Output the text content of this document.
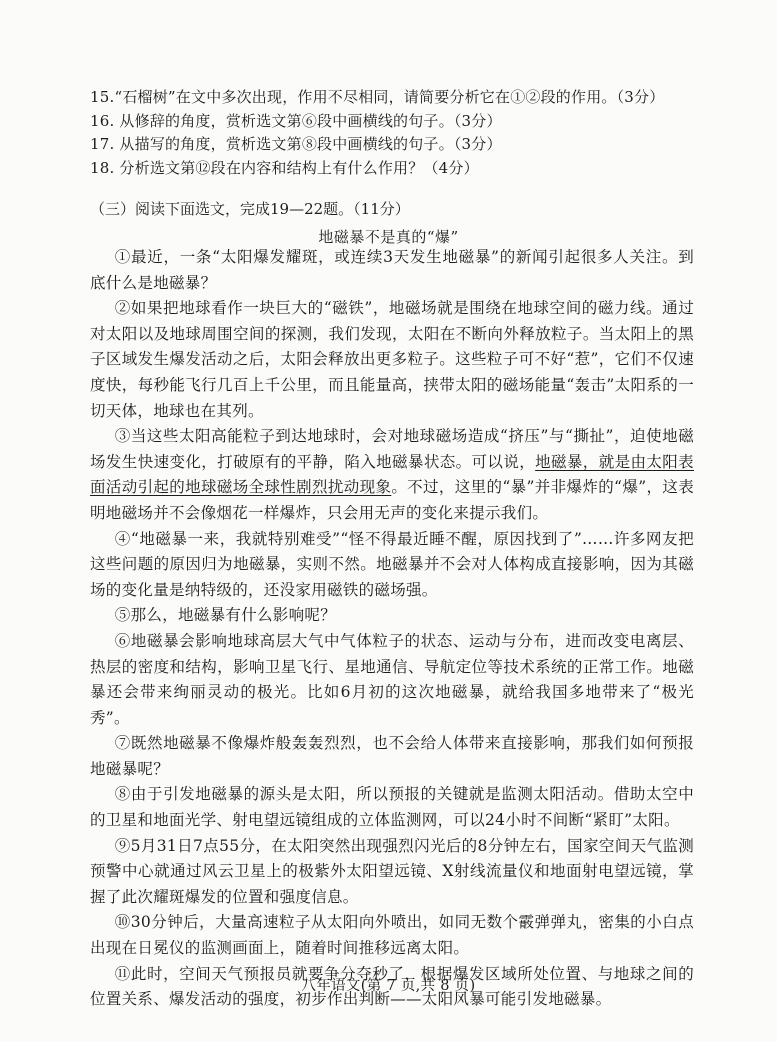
15.“石榴树”在文中多次出现，作用不尽相同，请简要分析它在①②段的作用。（3分）
16. 从修辞的角度，赏析选文第⑥段中画横线的句子。（3分）
17. 从描写的角度，赏析选文第⑧段中画横线的句子。（3分）
18. 分析选文第⑫段在内容和结构上有什么作用？（4分）
（三）阅读下面选文，完成19—22题。（11分）
地磁暴不是真的“爆”

①最近，一条“太阳爆发耀斑，或连续3天发生地磁暴”的新闻引起很多人关注。到底什么是地磁暴？

②如果把地球看作一块巨大的“磁铁”，地磁场就是围绕在地球空间的磁力线。通过对太阳以及地球周围空间的探测，我们发现，太阳在不断向外释放粒子。当太阳上的黑子区域发生爆发活动之后，太阳会释放出更多粒子。这些粒子可不好“惹”，它们不仅速度快，每秒能飞行几百上千公里，而且能量高，挟带太阳的磁场能量“轰击”太阳系的一切天体，地球也在其列。

③当这些太阳高能粒子到达地球时，会对地球磁场造成“挤压”与“撕扯”，迫使地磁场发生快速变化，打破原有的平静，陷入地磁暴状态。可以说，地磁暴，就是由太阳表面活动引起的地球磁场全球性剧烈扰动现象。不过，这里的“暴”并非爆炸的“爆”，这表明地磁场并不会像烟花一样爆炸，只会用无声的变化来提示我们。

④“地磁暴一来，我就特别难受”“怪不得最近睡不醒，原因找到了”……许多网友把这些问题的原因归为地磁暴，实则不然。地磁暴并不会对人体构成直接影响，因为其磁场的变化量是纳特级的，还没家用磁铁的磁场强。

⑤那么，地磁暴有什么影响呢？

⑥地磁暴会影响地球高层大气中气体粒子的状态、运动与分布，进而改变电离层、热层的密度和结构，影响卫星飞行、星地通信、导航定位等技术系统的正常工作。地磁暴还会带来绚丽灵动的极光。比如6月初的这次地磁暴，就给我国多地带来了“极光秀”。

⑦既然地磁暴不像爆炸般轰轰烈烈，也不会给人体带来直接影响，那我们如何预报地磁暴呢？

⑧由于引发地磁暴的源头是太阳，所以预报的关键就是监测太阳活动。借助太空中的卫星和地面光学、射电望远镜组成的立体监测网，可以24小时不间断“紧盯”太阳。

⑨5月31日7点55分，在太阳突然出现强烈闪光后的8分钟左右，国家空间天气监测预警中心就通过风云卫星上的极紫外太阳望远镜、X射线流量仪和地面射电望远镜，掌握了此次耀斑爆发的位置和强度信息。

⑩30分钟后，大量高速粒子从太阳向外喷出，如同无数个霰弹弹丸，密集的小白点出现在日冕仪的监测画面上，随着时间推移远离太阳。

⑪此时，空间天气预报员就要争分夺秒了，根据爆发区域所处位置、与地球之间的位置关系、爆发活动的强度，初步作出判断——太阳风暴可能引发地磁暴。

八年语文(第 7 页,共 8 页)
